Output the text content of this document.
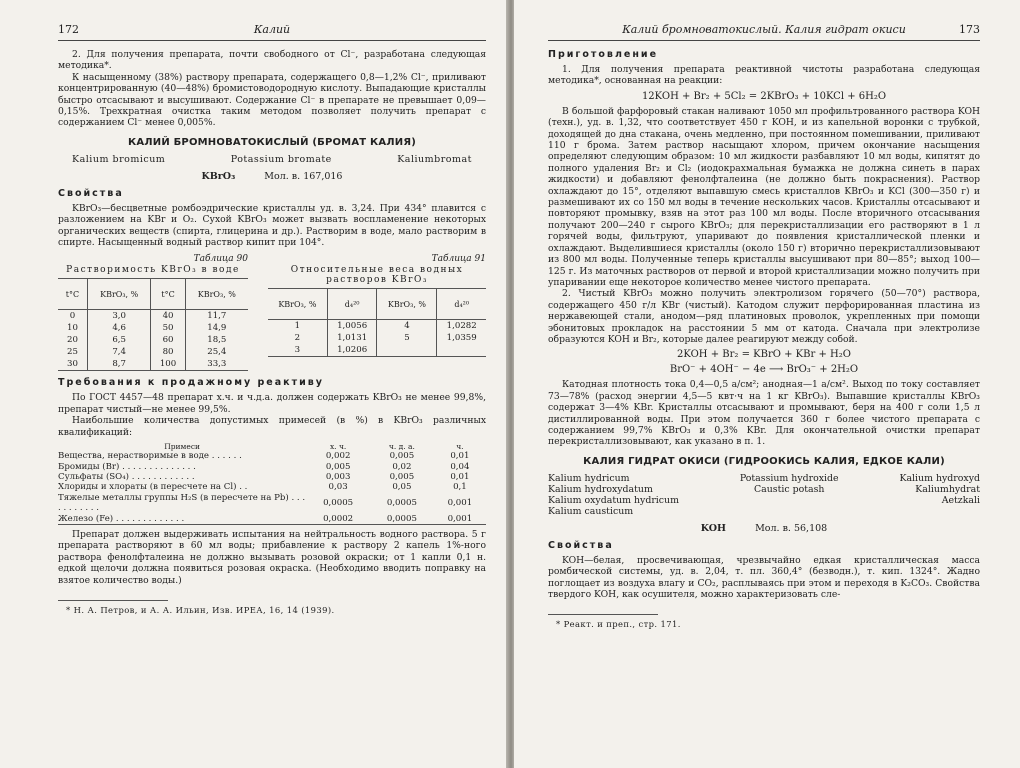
172	Калий

2. Для получения препарата, почти свободного от Cl⁻, разработана следующая методика*.

К насыщенному (38%) раствору препарата, содержащего 0,8—1,2% Cl⁻, приливают концентрированную (40—48%) бромистоводородную кислоту. Выпадающие кристаллы быстро отсасывают и высушивают. Содержание Cl⁻ в препарате не превышает 0,09—0,15%. Трехкратная очистка таким методом позволяет получить препарат с содержанием Cl⁻ менее 0,005%.

КАЛИЙ БРОМНОВАТОКИСЛЫЙ (БРОМАТ КАЛИЯ)
Kalium bromicum	Potassium bromate	Kaliumbromat
KBrO₃	Мол. в. 167,016
Свойства

KBrO₃—бесцветные ромбоэдрические кристаллы уд. в. 3,24. При 434° плавится с разложением на KBr и O₂. Сухой KBrO₃ может вызвать воспламенение некоторых органических веществ (спирта, глицерина и др.). Растворим в воде, мало растворим в спирте. Насыщенный водный раствор кипит при 104°.

Таблица 90
Растворимость KBrO₃ в воде
t°C	KBrO₃, %	t°C	KBrO₃, %
0	3,0	40	11,7
10	4,6	50	14,9
20	6,5	60	18,5
25	7,4	80	25,4
30	8,7	100	33,3
Таблица 91
Относительные веса водных растворов KBrO₃
KBrO₃, %	d₄²⁰	KBrO₃, %	d₄²⁰
1	1,0056	4	1,0282
2	1,0131	5	1,0359
3	1,0206		
Требования к продажному реактиву

По ГОСТ 4457—48 препарат х.ч. и ч.д.а. должен содержать KBrO₃ не менее 99,8%, препарат чистый—не менее 99,5%.

Наибольшие количества допустимых примесей (в %) в KBrO₃ различных квалификаций:

Примеси	х. ч.	ч. д. а.	ч.
Вещества, нерастворимые в воде . . . . . .	0,002	0,005	0,01
Бромиды (Br) . . . . . . . . . . . . . .	0,005	0,02	0,04
Сульфаты (SO₄) . . . . . . . . . . . .	0,003	0,005	0,01
Хлориды и хлораты (в пересчете на Cl) . .	0,03	0,05	0,1
Тяжелые металлы группы H₂S (в пересчете на Pb) . . . . . . . . . . .	0,0005	0,0005	0,001
Железо (Fe) . . . . . . . . . . . . .	0,0002	0,0005	0,001

Препарат должен выдерживать испытания на нейтральность водного раствора. 5 г препарата растворяют в 60 мл воды; прибавление к раствору 2 капель 1%-ного раствора фенолфталеина не должно вызывать розовой окраски; от 1 капли 0,1 н. едкой щелочи должна появиться розовая окраска. (Необходимо вводить поправку на взятое количество воды.)

* Н. А. Петров, и А. А. Ильин, Изв. ИРЕА, 16, 14 (1939).
Калий бромноватокислый. Калия гидрат окиси	173
Приготовление

1. Для получения препарата реактивной чистоты разработана следующая методика*, основанная на реакции:

12KOH + Br₂ + 5Cl₂ = 2KBrO₃ + 10KCl + 6H₂O

В большой фарфоровый стакан наливают 1050 мл профильтрованного раствора KOH (техн.), уд. в. 1,32, что соответствует 450 г KOH, и из капельной воронки с трубкой, доходящей до дна стакана, очень медленно, при постоянном помешивании, приливают 110 г брома. Затем раствор насыщают хлором, причем окончание насыщения определяют следующим образом: 10 мл жидкости разбавляют 10 мл воды, кипятят до полного удаления Br₂ и Cl₂ (иодокрахмальная бумажка не должна синеть в парах жидкости) и добавляют фенолфталеина (не должно быть покраснения). Раствор охлаждают до 15°, отделяют выпавшую смесь кристаллов KBrO₃ и KCl (300—350 г) и размешивают их со 150 мл воды в течение нескольких часов. Кристаллы отсасывают и повторяют промывку, взяв на этот раз 100 мл воды. После вторичного отсасывания получают 200—240 г сырого KBrO₃; для перекристаллизации его растворяют в 1 л горячей воды, фильтруют, упаривают до появления кристаллической пленки и охлаждают. Выделившиеся кристаллы (около 150 г) вторично перекристаллизовывают из 800 мл воды. Полученные теперь кристаллы высушивают при 80—85°; выход 100—125 г. Из маточных растворов от первой и второй кристаллизации можно получить при упаривании еще некоторое количество менее чистого препарата.

2. Чистый KBrO₃ можно получить электролизом горячего (50—70°) раствора, содержащего 450 г/л KBr (чистый). Катодом служит перфорированная пластина из нержавеющей стали, анодом—ряд платиновых проволок, укрепленных при помощи эбонитовых прокладок на расстоянии 5 мм от катода. Сначала при электролизе образуются KOH и Br₂, которые далее реагируют между собой.

2KOH + Br₂ = KBrO + KBr + H₂O
BrO⁻ + 4OH⁻ − 4e ⟶ BrO₃⁻ + 2H₂O

Катодная плотность тока 0,4—0,5 а/см²; анодная—1 а/см². Выход по току составляет 73—78% (расход энергии 4,5—5 квт·ч на 1 кг KBrO₃). Выпавшие кристаллы KBrO₃ содержат 3—4% KBr. Кристаллы отсасывают и промывают, беря на 400 г соли 1,5 л дистиллированной воды. При этом получается 360 г более чистого препарата с содержанием 99,7% KBrO₃ и 0,3% KBr. Для окончательной очистки препарат перекристаллизовывают, как указано в п. 1.

КАЛИЯ ГИДРАТ ОКИСИ (ГИДРООКИСЬ КАЛИЯ, ЕДКОЕ КАЛИ)
Kalium hydricum
Kalium hydroxydatum
Kalium oxydatum hydricum
Kalium causticum
Potassium hydroxide
Caustic potash
Kalium hydroxyd
Kaliumhydrat
Aetzkali
KOH	Мол. в. 56,108
Свойства

KOH—белая, просвечивающая, чрезвычайно едкая кристаллическая масса ромбической системы, уд. в. 2,04, т. пл. 360,4° (безводн.), т. кип. 1324°. Жадно поглощает из воздуха влагу и CO₂, расплываясь при этом и переходя в K₂CO₃. Свойства твердого KOH, как осушителя, можно характеризовать сле-

* Реакт. и преп., стр. 171.
